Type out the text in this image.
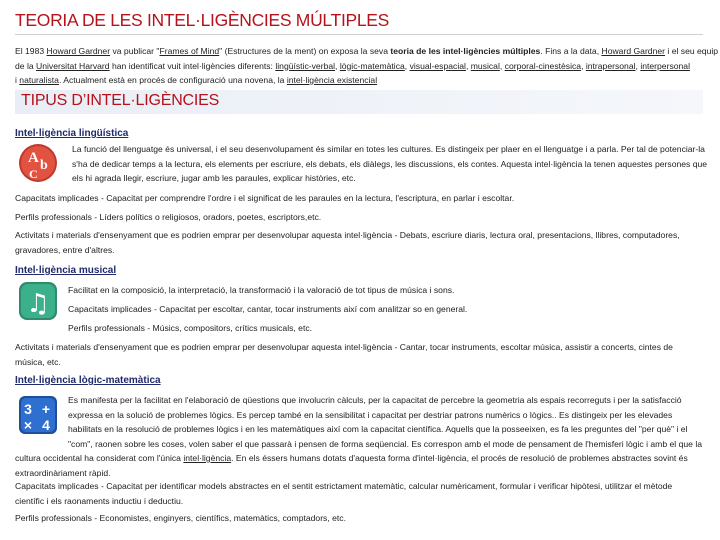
TEORIA DE LES INTEL·LIGÈNCIES MÚLTIPLES
El 1983 Howard Gardner va publicar "Frames of Mind" (Estructures de la ment) on exposa la seva teoria de les intel·ligències múltiples. Fins a la data, Howard Gardner i el seu equip
de la Universitat Harvard han identificat vuit intel·ligències diferents: lingüístic-verbal, lògic-matemàtica, visual-espacial, musical, corporal-cinestèsica, intrapersonal, interpersonal
i naturalista. Actualment està en procés de configuració una novena, la intel·ligència existencial
TIPUS D’INTEL·LIGÈNCIES
Intel·ligència lingüística
A b
C
La funció del llenguatge és universal, i el seu desenvolupament és similar en totes les cultures. Es distingeix per plaer en el llenguatge i a parla. Per tal de potenciar-la
s'ha de dedicar temps a la lectura, els elements per escriure, els debats, els diàlegs, les discussions, els contes. Aquesta intel·ligència la tenen aquestes persones que
els hi agrada llegir, escriure, jugar amb les paraules, explicar històries, etc.
Capacitats implicades - Capacitat per comprendre l'ordre i el significat de les paraules en la lectura, l'escriptura, en parlar i escoltar.
Perfils professionals - Líders polítics o religiosos, oradors, poetes, escriptors,etc.
Activitats i materials d'ensenyament que es podrien emprar per desenvolupar aquesta intel·ligència - Debats, escriure diaris, lectura oral, presentacions, llibres, computadores,
gravadores, entre d'altres.
Intel·ligència musical
♫ Facilitat en la composició, la interpretació, la transformació i la valoració de tot tipus de música i sons.
Capacitats implicades - Capacitat per escoltar, cantar, tocar instruments així com analitzar so en general.
Perfils professionals - Músics, compositors, crítics musicals, etc.
Activitats i materials d'ensenyament que es podrien emprar per desenvolupar aquesta intel·ligència - Cantar, tocar instruments, escoltar música, assistir a concerts, cintes de
música, etc.
Intel·ligència lògic-matemàtica
3 +
× 4
Es manifesta per la facilitat en l'elaboració de qüestions que involucrin càlculs, per la capacitat de percebre la geometria als espais recorreguts i per la satisfacció
expressa en la solució de problemes lògics. Es percep també en la sensibilitat i capacitat per destriar patrons numèrics o lògics.. Es distingeix per les elevades
habilitats en la resolució de problemes lògics i en les matemàtiques així com la capacitat científica. Aquells que la posseeixen, es fa les preguntes del "per què" i el
"com", raonen sobre les coses, volen saber el que passarà i pensen de forma seqüencial. Es correspon amb el mode de pensament de l'hemisferi lògic i amb el que la
cultura occidental ha considerat com l'única intel·ligència. En els éssers humans dotats d'aquesta forma d'intel·ligència, el procés de resolució de problemes abstractes sovint és
extraordinàriament ràpid.
Capacitats implicades - Capacitat per identificar models abstractes en el sentit estrictament matemàtic, calcular numèricament, formular i verificar hipòtesi, utilitzar el mètode
científic i els raonaments inductiu i deductiu.
Perfils professionals - Economistes, enginyers, científics, matemàtics, comptadors, etc.
